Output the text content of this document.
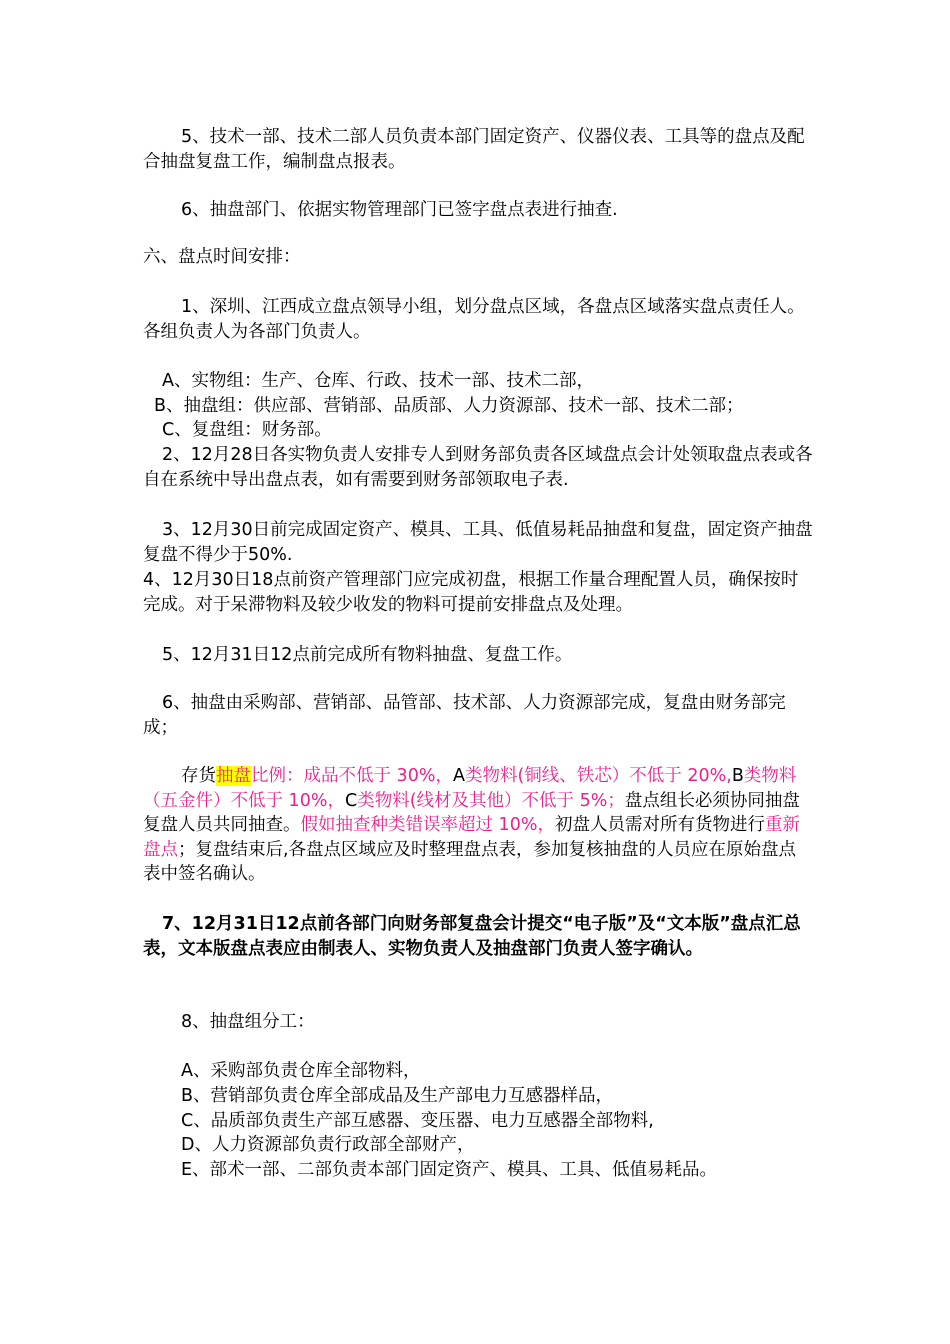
5、技术一部、技术二部人员负责本部门固定资产、仪器仪表、工具等的盘点及配合抽盘复盘工作，编制盘点报表。

6、抽盘部门、依据实物管理部门已签字盘点表进行抽查.

六、盘点时间安排：

1、深圳、江西成立盘点领导小组，划分盘点区域，各盘点区域落实盘点责任人。各组负责人为各部门负责人。

A、实物组：生产、仓库、行政、技术一部、技术二部，

B、抽盘组：供应部、营销部、品质部、人力资源部、技术一部、技术二部；

C、复盘组：财务部。

2、12月28日各实物负责人安排专人到财务部负责各区域盘点会计处领取盘点表或各自在系统中导出盘点表，如有需要到财务部领取电子表.

3、12月30日前完成固定资产、模具、工具、低值易耗品抽盘和复盘，固定资产抽盘复盘不得少于50%.

4、12月30日18点前资产管理部门应完成初盘，根据工作量合理配置人员，确保按时完成。对于呆滞物料及较少收发的物料可提前安排盘点及处理。

5、12月31日12点前完成所有物料抽盘、复盘工作。

6、抽盘由采购部、营销部、品管部、技术部、人力资源部完成，复盘由财务部完成；

存货抽盘比例：成品不低于 30%，A类物料(铜线、铁芯）不低于 20%,B类物料（五金件）不低于 10%，C类物料(线材及其他）不低于 5%；盘点组长必须协同抽盘复盘人员共同抽查。假如抽查种类错误率超过 10%，初盘人员需对所有货物进行重新盘点；复盘结束后,各盘点区域应及时整理盘点表，参加复核抽盘的人员应在原始盘点表中签名确认。

7、12月31日12点前各部门向财务部复盘会计提交“电子版”及“文本版”盘点汇总表，文本版盘点表应由制表人、实物负责人及抽盘部门负责人签字确认。

8、抽盘组分工：

A、采购部负责仓库全部物料，

B、营销部负责仓库全部成品及生产部电力互感器样品，

C、品质部负责生产部互感器、变压器、电力互感器全部物料,

D、人力资源部负责行政部全部财产，

E、部术一部、二部负责本部门固定资产、模具、工具、低值易耗品。
